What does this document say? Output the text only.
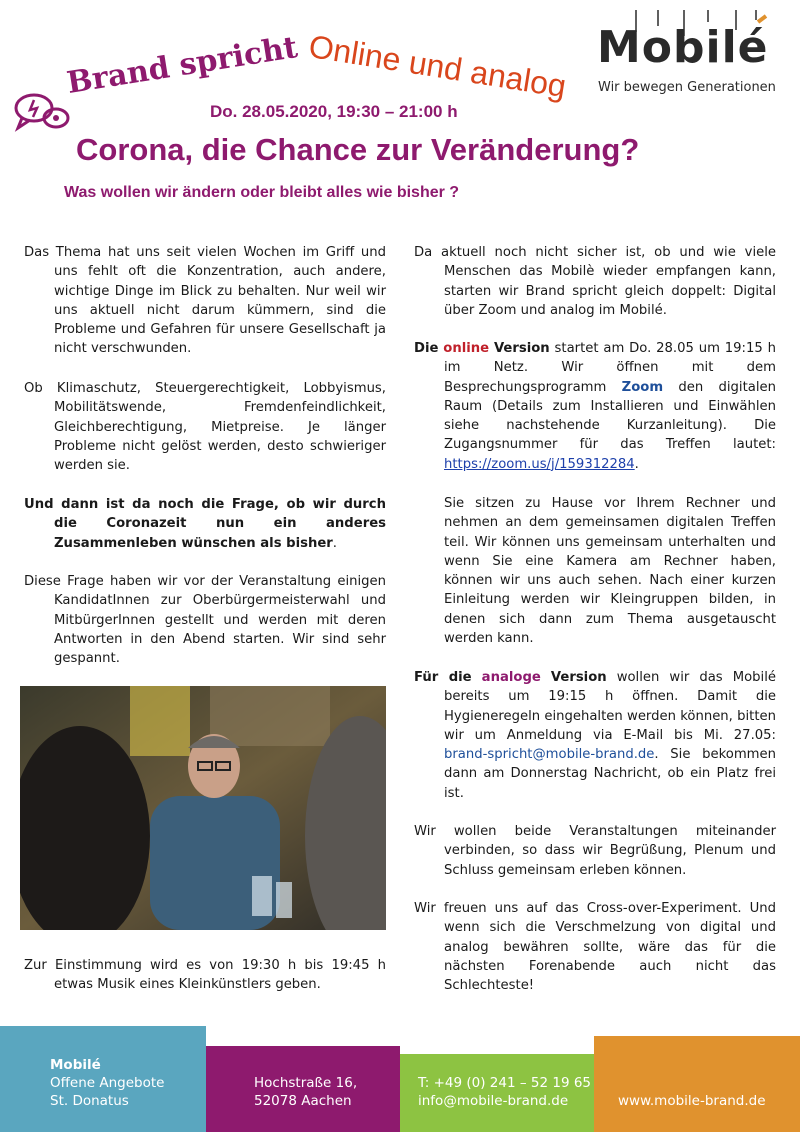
Brand spricht Online und analog
Do. 28.05.2020, 19:30 – 21:00 h
Mobilé
Wir bewegen Generationen
Corona, die Chance zur Veränderung?
Was wollen wir ändern oder bleibt alles wie bisher ?

Das Thema hat uns seit vielen Wochen im Griff und uns fehlt oft die Konzentration, auch andere, wichtige Dinge im Blick zu behalten. Nur weil wir uns aktuell nicht darum kümmern, sind die Probleme und Gefahren für unsere Gesellschaft ja nicht verschwunden.

Ob Klimaschutz, Steuergerechtigkeit, Lobbyismus, Mobilitätswende, Fremdenfeindlichkeit, Gleichberechtigung, Mietpreise. Je länger Probleme nicht gelöst werden, desto schwieriger werden sie.

Und dann ist da noch die Frage, ob wir durch die Coronazeit nun ein anderes Zusammenleben wünschen als bisher.

Diese Frage haben wir vor der Veranstaltung einigen KandidatInnen zur Oberbürgermeisterwahl und MitbürgerInnen gestellt und werden mit deren Antworten in den Abend starten. Wir sind sehr gespannt.

Zur Einstimmung wird es von 19:30 h bis 19:45 h etwas Musik eines Kleinkünstlers geben.

Da aktuell noch nicht sicher ist, ob und wie viele Menschen das Mobilè wieder empfangen kann, starten wir Brand spricht gleich doppelt: Digital über Zoom und analog im Mobilé.

Die online Version startet am Do. 28.05 um 19:15 h im Netz. Wir öffnen mit dem Besprechungsprogramm Zoom den digitalen Raum (Details zum Installieren und Einwählen siehe nachstehende Kurzanleitung). Die Zugangsnummer für das Treffen lautet: https://zoom.us/j/159312284.

Sie sitzen zu Hause vor Ihrem Rechner und nehmen an dem gemeinsamen digitalen Treffen teil. Wir können uns gemeinsam unterhalten und wenn Sie eine Kamera am Rechner haben, können wir uns auch sehen. Nach einer kurzen Einleitung werden wir Kleingruppen bilden, in denen sich dann zum Thema ausgetauscht werden kann.

Für die analoge Version wollen wir das Mobilé bereits um 19:15 h öffnen. Damit die Hygieneregeln eingehalten werden können, bitten wir um Anmeldung via E-Mail bis Mi. 27.05: brand-spricht@mobile-brand.de. Sie bekommen dann am Donnerstag Nachricht, ob ein Platz frei ist.

Wir wollen beide Veranstaltungen miteinander verbinden, so dass wir Begrüßung, Plenum und Schluss gemeinsam erleben können.

Wir freuen uns auf das Cross-over-Experiment. Und wenn sich die Verschmelzung von digital und analog bewähren sollte, wäre das für die nächsten Forenabende auch nicht das Schlechteste!

Mobilé
Offene Angebote
St. Donatus
Hochstraße 16,
52078 Aachen
T: +49 (0) 241 – 52 19 65
info@mobile-brand.de	www.mobile-brand.de
